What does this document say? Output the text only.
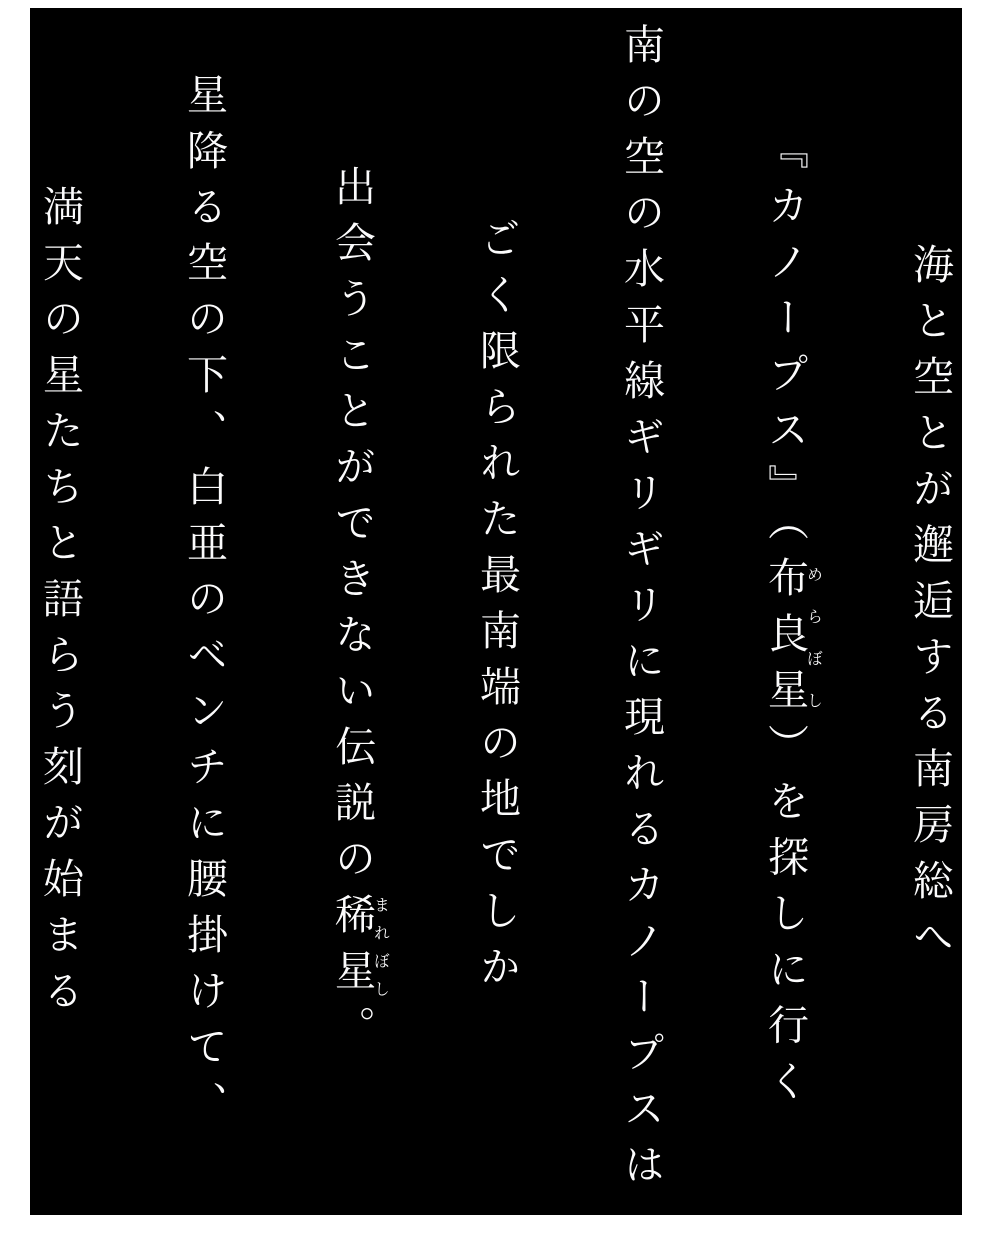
海と空とが邂逅する南房総へ
『カノープス』（布良星めらぼし）を探しに行く
南の空の水平線ギリギリに現れるカノープスは
ごく限られた最南端の地でしか
出会うことができない伝説の稀星まれぼし。
星降る空の下、白亜のベンチに腰掛けて、
満天の星たちと語らう刻が始まる
